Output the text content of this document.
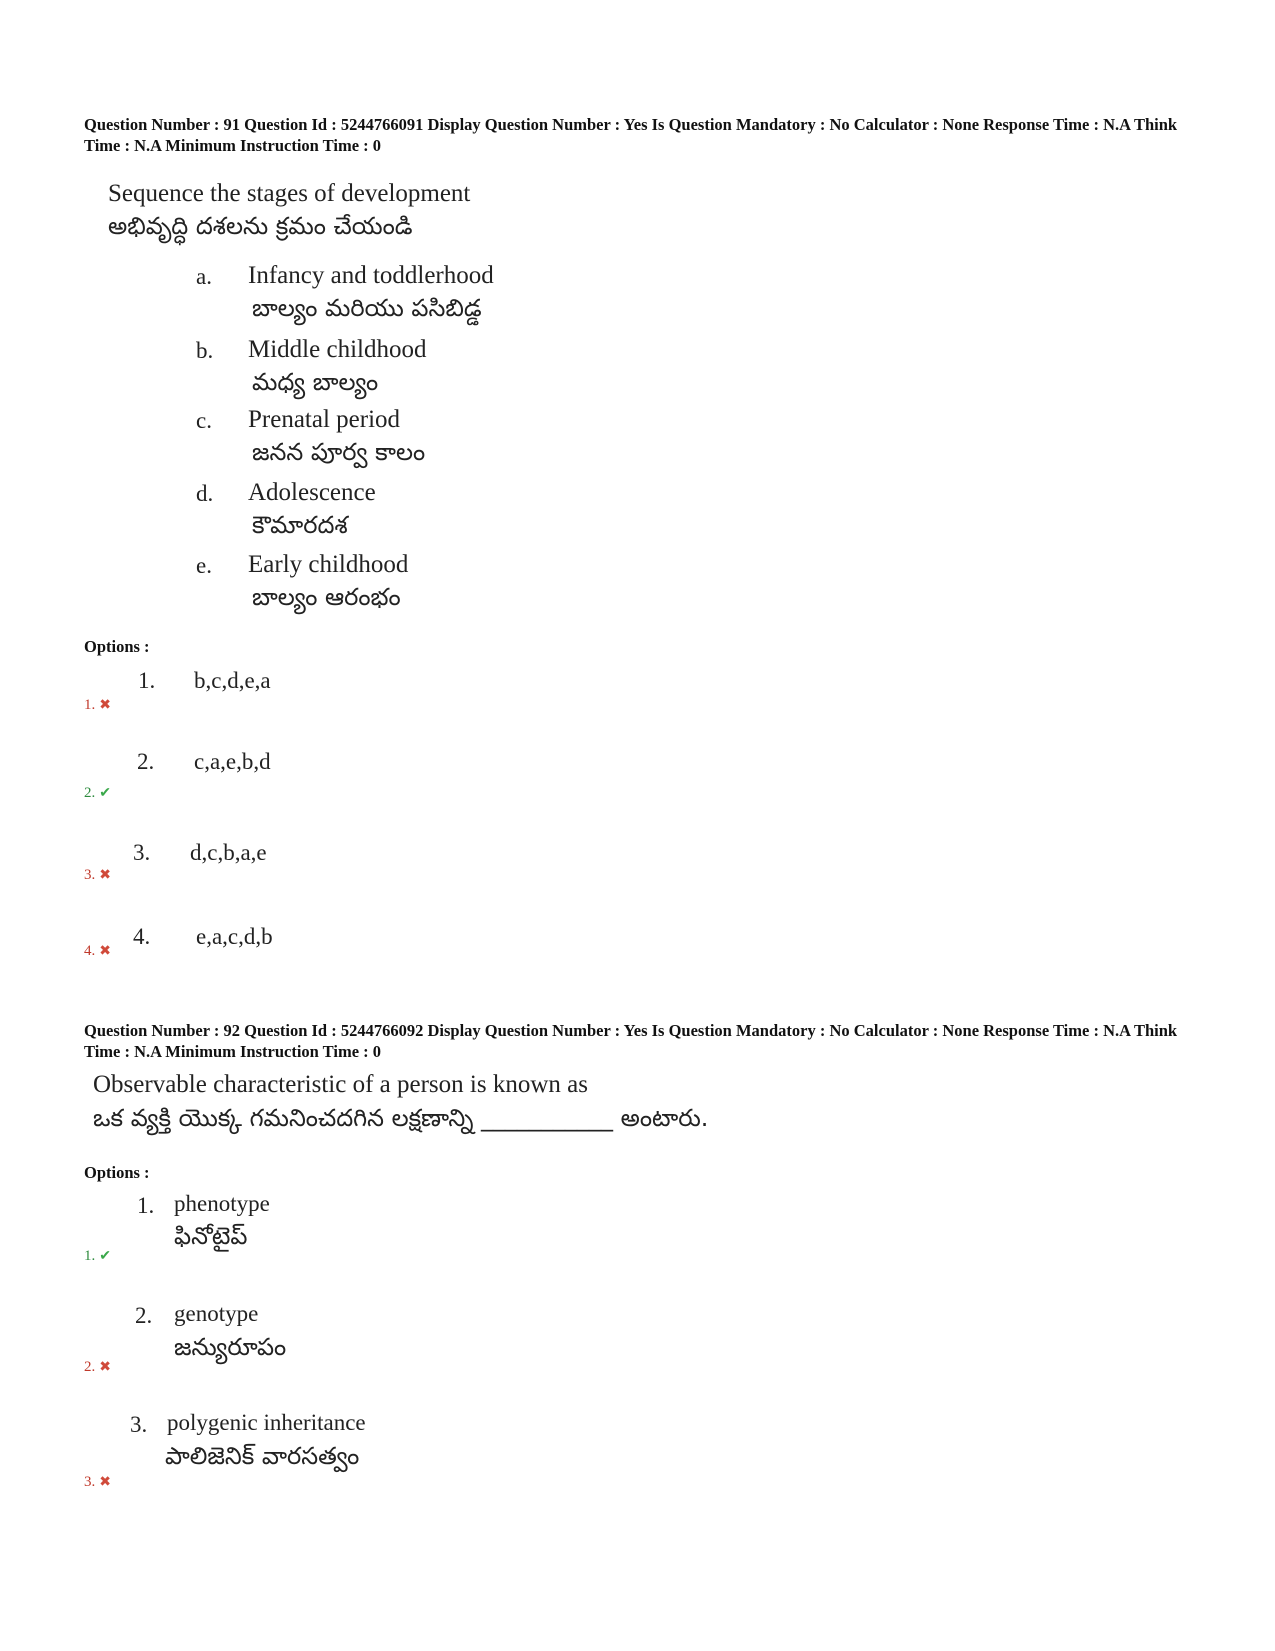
Question Number : 91 Question Id : 5244766091 Display Question Number : Yes Is Question Mandatory : No Calculator : None Response Time : N.A Think Time : N.A Minimum Instruction Time : 0
Sequence the stages of development
అభివృద్ధి దశలను క్రమం చేయండి
a. Infancy and toddlerhood
బాల్యం మరియు పసిబిడ్డ
b. Middle childhood
మధ్య బాల్యం
c. Prenatal period
జనన పూర్వ కాలం
d. Adolescence
కౌమారదశ
e. Early childhood
బాల్యం ఆరంభం
Options :
1. b,c,d,e,a
1. ✖
2. c,a,e,b,d
2. ✔
3. d,c,b,a,e
3. ✖
4. e,a,c,d,b
4. ✖
Question Number : 92 Question Id : 5244766092 Display Question Number : Yes Is Question Mandatory : No Calculator : None Response Time : N.A Think Time : N.A Minimum Instruction Time : 0
Observable characteristic of a person is known as
ఒక వ్యక్తి యొక్క గమనించదగిన లక్షణాన్ని ___________ అంటారు.
Options :
1. phenotype
ఫినోటైప్
1. ✔
2. genotype
జన్యురూపం
2. ✖
3. polygenic inheritance
పాలిజెనిక్ వారసత్వం
3. ✖
